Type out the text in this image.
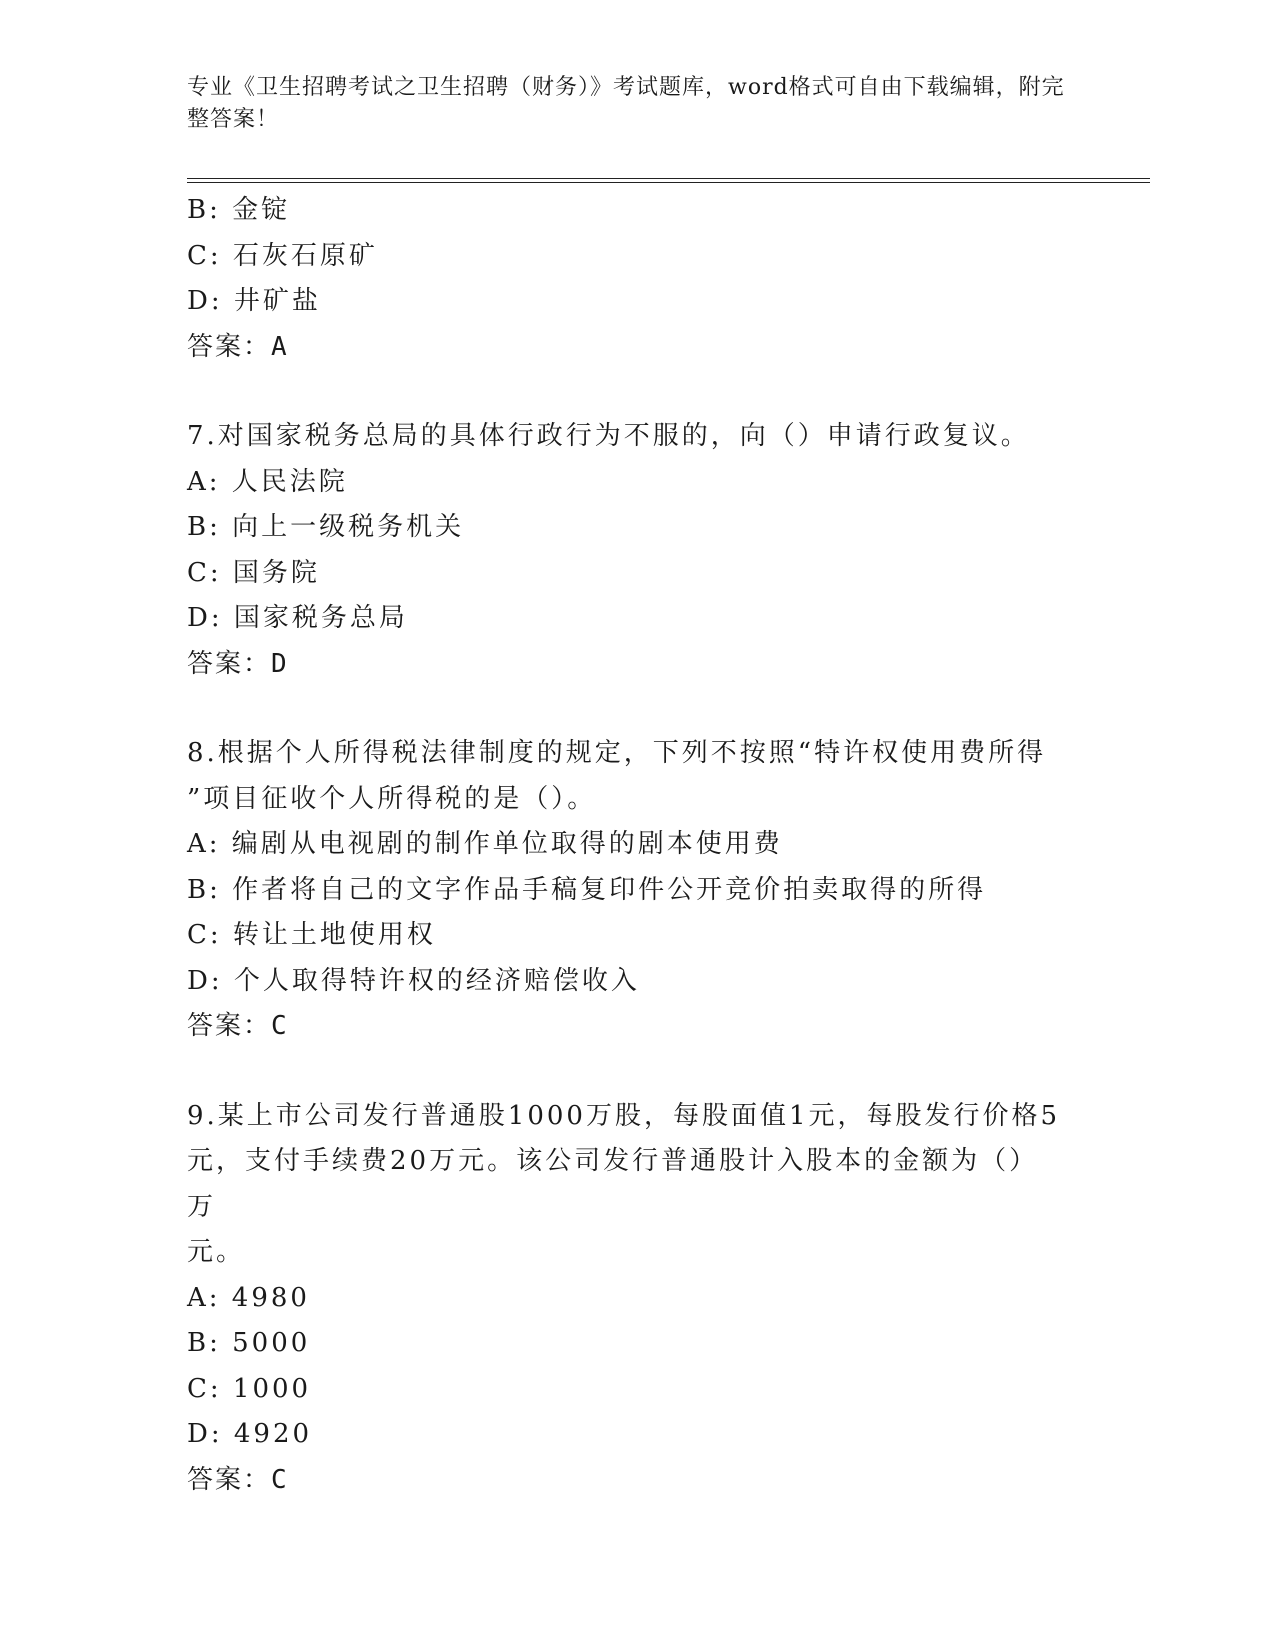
专业《卫生招聘考试之卫生招聘（财务）》考试题库，word格式可自由下载编辑，附完整答案！
B: 金锭
C: 石灰石原矿
D: 井矿盐
答案：A
7.对国家税务总局的具体行政行为不服的，向（）申请行政复议。
A: 人民法院
B: 向上一级税务机关
C: 国务院
D: 国家税务总局
答案：D
8.根据个人所得税法律制度的规定，下列不按照“特许权使用费所得
”项目征收个人所得税的是（）。
A: 编剧从电视剧的制作单位取得的剧本使用费
B: 作者将自己的文字作品手稿复印件公开竞价拍卖取得的所得
C: 转让土地使用权
D: 个人取得特许权的经济赔偿收入
答案：C
9.某上市公司发行普通股1000万股，每股面值1元，每股发行价格5
元，支付手续费20万元。该公司发行普通股计入股本的金额为（）万
元。
A: 4980
B: 5000
C: 1000
D: 4920
答案：C
